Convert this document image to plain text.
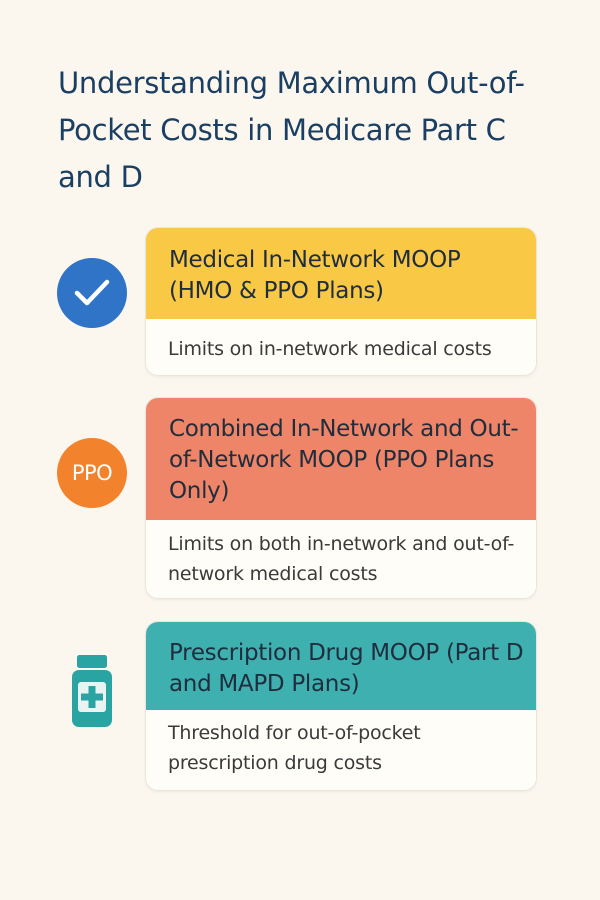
Understanding Maximum Out-of-Pocket Costs in Medicare Part C and D
Medical In-Network MOOP (HMO & PPO Plans)
Limits on in-network medical costs
PPO
Combined In-Network and Out-of-Network MOOP (PPO Plans Only)
Limits on both in-network and out-of-network medical costs
Prescription Drug MOOP (Part D and MAPD Plans)
Threshold for out-of-pocket prescription drug costs
